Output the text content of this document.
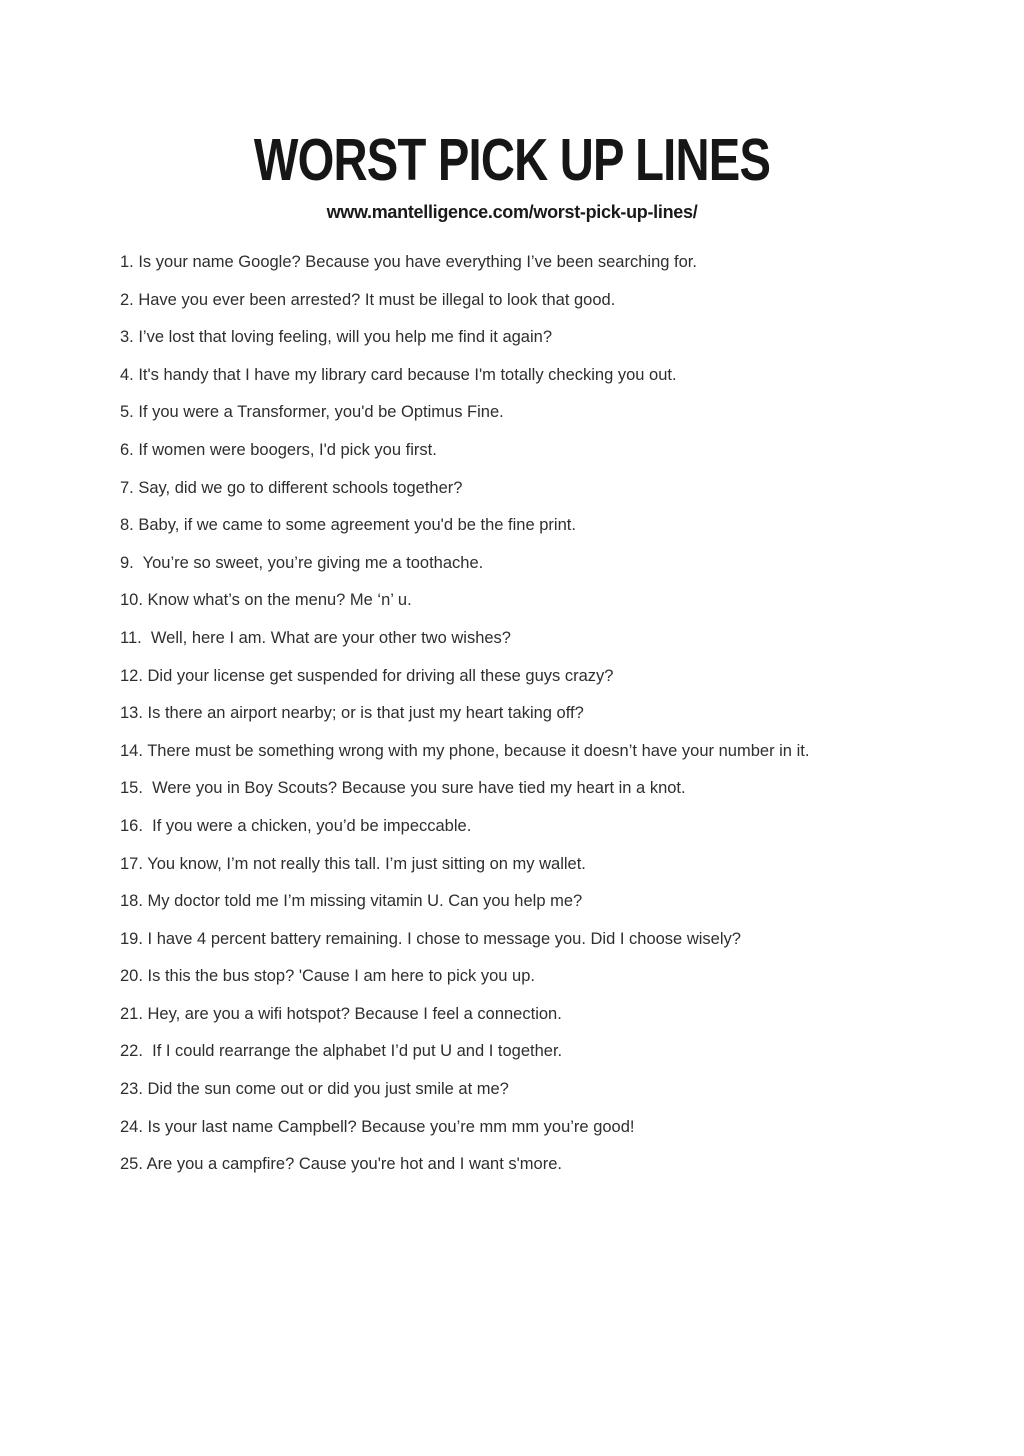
WORST PICK UP LINES
www.mantelligence.com/worst-pick-up-lines/
1. Is your name Google? Because you have everything I’ve been searching for.
2. Have you ever been arrested? It must be illegal to look that good.
3. I’ve lost that loving feeling, will you help me find it again?
4. It's handy that I have my library card because I'm totally checking you out.
5. If you were a Transformer, you'd be Optimus Fine.
6. If women were boogers, I'd pick you first.
7. Say, did we go to different schools together?
8. Baby, if we came to some agreement you'd be the fine print.
9.  You’re so sweet, you’re giving me a toothache.
10. Know what’s on the menu? Me ‘n’ u.
11.  Well, here I am. What are your other two wishes?
12. Did your license get suspended for driving all these guys crazy?
13. Is there an airport nearby; or is that just my heart taking off?
14. There must be something wrong with my phone, because it doesn’t have your number in it.
15.  Were you in Boy Scouts? Because you sure have tied my heart in a knot.
16.  If you were a chicken, you’d be impeccable.
17. You know, I’m not really this tall. I’m just sitting on my wallet.
18. My doctor told me I’m missing vitamin U. Can you help me?
19. I have 4 percent battery remaining. I chose to message you. Did I choose wisely?
20. Is this the bus stop? 'Cause I am here to pick you up.
21. Hey, are you a wifi hotspot? Because I feel a connection.
22.  If I could rearrange the alphabet I’d put U and I together.
23. Did the sun come out or did you just smile at me?
24. Is your last name Campbell? Because you’re mm mm you’re good!
25. Are you a campfire? Cause you're hot and I want s'more.
